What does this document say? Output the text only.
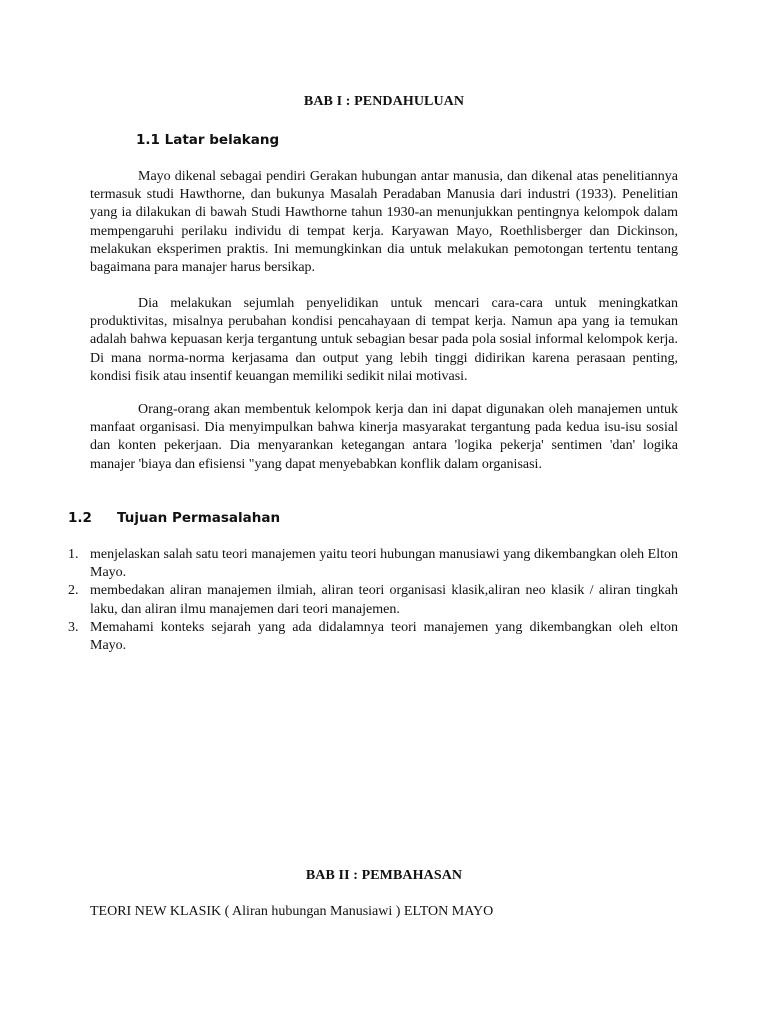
BAB I : PENDAHULUAN
1.1 Latar belakang

Mayo dikenal sebagai pendiri Gerakan hubungan antar manusia, dan dikenal atas penelitiannya termasuk studi Hawthorne, dan bukunya Masalah Peradaban Manusia dari industri (1933). Penelitian yang ia dilakukan di bawah Studi Hawthorne tahun 1930-an menunjukkan pentingnya kelompok dalam mempengaruhi perilaku individu di tempat kerja. Karyawan Mayo, Roethlisberger dan Dickinson, melakukan eksperimen praktis. Ini memungkinkan dia untuk melakukan pemotongan tertentu tentang bagaimana para manajer harus bersikap.

Dia melakukan sejumlah penyelidikan untuk mencari cara-cara untuk meningkatkan produktivitas, misalnya perubahan kondisi pencahayaan di tempat kerja. Namun apa yang ia temukan adalah bahwa kepuasan kerja tergantung untuk sebagian besar pada pola sosial informal kelompok kerja. Di mana norma-norma kerjasama dan output yang lebih tinggi didirikan karena perasaan penting, kondisi fisik atau insentif keuangan memiliki sedikit nilai motivasi.

Orang-orang akan membentuk kelompok kerja dan ini dapat digunakan oleh manajemen untuk manfaat organisasi. Dia menyimpulkan bahwa kinerja masyarakat tergantung pada kedua isu-isu sosial dan konten pekerjaan. Dia menyarankan ketegangan antara 'logika pekerja' sentimen 'dan' logika manajer 'biaya dan efisiensi "yang dapat menyebabkan konflik dalam organisasi.

1.2 Tujuan Permasalahan
1. menjelaskan salah satu teori manajemen yaitu teori hubungan manusiawi yang dikembangkan oleh Elton Mayo.
2. membedakan aliran manajemen ilmiah, aliran teori organisasi klasik,aliran neo klasik / aliran tingkah laku, dan aliran ilmu manajemen dari teori manajemen.
3. Memahami konteks sejarah yang ada didalamnya teori manajemen yang dikembangkan oleh elton Mayo.
BAB II : PEMBAHASAN
TEORI NEW KLASIK ( Aliran hubungan Manusiawi ) ELTON MAYO
